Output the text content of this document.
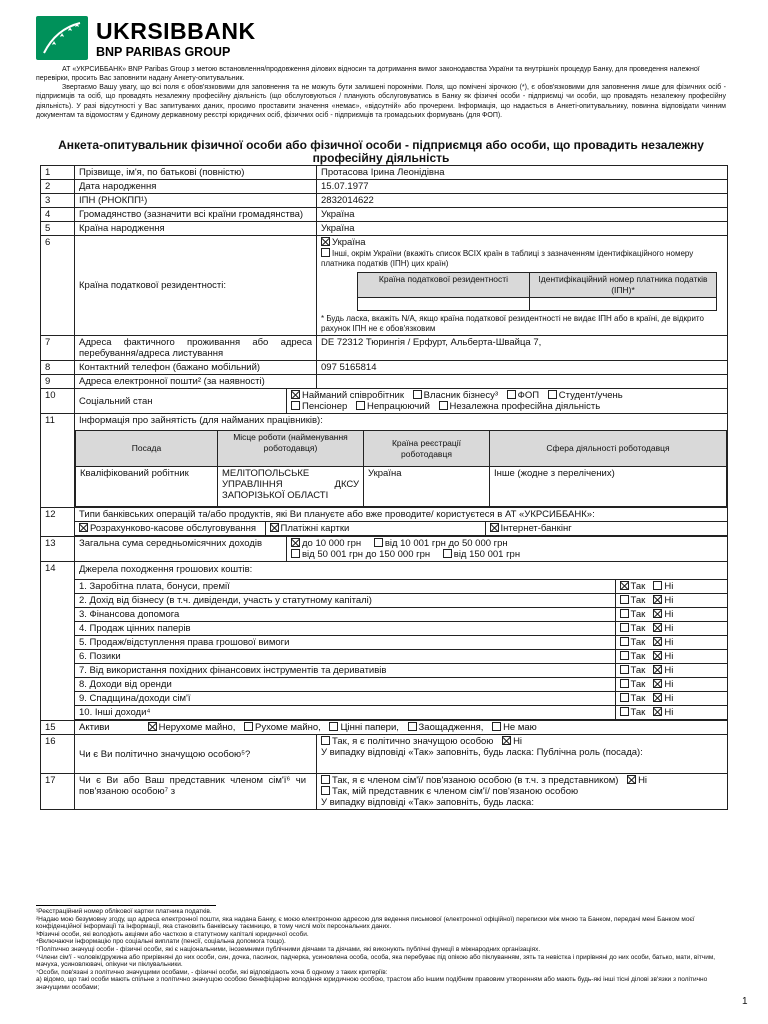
UKRSIBBANK
BNP PARIBAS GROUP
АТ «УКРСИББАНК» BNP Paribas Group з метою встановлення/продовження ділових відносин та дотримання вимог законодавства України та внутрішніх процедур Банку, для проведення належної перевірки, просить Вас заповнити надану Анкету-опитувальник.
Звертаємо Вашу увагу, що всі поля є обов'язковими для заповнення та не можуть бути залишені порожніми. Поля, що помічені зірочкою (*), є обов'язковими для заповнення лише для фізичних осіб - підприємців та осіб, що провадять незалежну професійну діяльність (що обслуговуються / планують обслуговуватись в Банку як фізичні особи - підприємці чи особи, що провадять незалежну професійну діяльність). У разі відсутності у Вас запитуваних даних, просимо проставити значення «немає», «відсутній» або прочеркни. Інформація, що надається в Анкеті-опитувальнику, повинна відповідати чинним документам та відомостям у Єдиному державному реєстрі юридичних осіб, фізичних осіб - підприємців та громадських формувань (для ФОП).
Анкета-опитувальник фізичної особи або фізичної особи - підприємця або особи, що провадить незалежну професійну діяльність
1	Прізвище, ім'я, по батькові (повністю)	Протасова Ірина Леонідівна
2	Дата народження	15.07.1977
3	ІПН (РНОКПП¹)	2832014622
4	Громадянство (зазначити всі країни громадянства)	Україна
5	Країна народження	Україна
6	Країна податкової резидентності:	
Україна
Інші, окрім України (вкажіть список ВСІХ країн в таблиці з зазначенням ідентифікаційного номеру платника податків (ІПН) цих країн)
Країна податкової резидентності	Ідентифікаційний номер платника податків (ІПН)*

* Будь ласка, вкажіть N/A, якщо країна податкової резидентності не видає ІПН або в країні, де відкрито рахунок ІПН не є обов'язковим

7	Адреса фактичного проживання або адреса перебування/адреса листування	DE 72312 Тюрингія / Ерфурт, Альберта-Швайца 7,
8	Контактний телефон (бажано мобільний)	097 5165814
9	Адреса електронної пошти² (за наявності)	
10	Соціальний стан	Найманий співробітник Власник бізнесу³ ФОП Студент/учень
Пенсіонер Непрацюючий Незалежна професійна діяльність

11	Інформація про зайнятість (для найманих працівників):
Посада	Місце роботи (найменування роботодавця)	Країна реєстрації роботодавця	Сфера діяльності роботодавця
Кваліфікований робітник	МЕЛІТОПОЛЬСЬКЕ УПРАВЛІННЯ ДКСУ ЗАПОРІЗЬКОЇ ОБЛАСТІ	Україна	Інше (жодне з перелічених)

12	Типи банківських операцій та/або продуктів, які Ви плануєте або вже проводите/ користуєтеся в АТ «УКРСИББАНК»:
Розрахунково-касове обслуговування	Платіжні картки	Інтернет-банкінг

13	Загальна сума середньомісячних доходів	до 10 000 грн від 10 001 грн до 50 000 грн
від 50 001 грн до 150 000 грн від 150 001 грн

14	Джерела походження грошових коштів:
1. Заробітна плата, бонуси, премії	Так Ні
2. Дохід від бізнесу (в т.ч. дивіденди, участь у статутному капіталі)	Так Ні
3. Фінансова допомога	Так Ні
4. Продаж цінних паперів	Так Ні
5. Продаж/відступлення права грошової вимоги	Так Ні
6. Позики	Так Ні
7. Від використання похідних фінансових інструментів та деривативів	Так Ні
8. Доходи від оренди	Так Ні
9. Спадщина/доходи сім'ї	Так Ні
10. Інші доходи⁴	Так Ні

15	Активи	Нерухоме майно, Рухоме майно, Цінні папери, Заощадження, Не маю
16	Чи є Ви політично значущою особою⁵?	
Так, я є політично значущою особою Ні
У випадку відповіді «Так» заповніть, будь ласка: Публічна роль (посада):

17	Чи є Ви або Ваш представник членом сім'ї⁶ чи пов'язаною особою⁷ з	
Так, я є членом сім'ї/ пов'язаною особою (в т.ч. з представником) Ні
Так, мій представник є членом сім'ї/ пов'язаною особою
У випадку відповіді «Так» заповніть, будь ласка:
¹Реєстраційний номер облікової картки платника податків.
²Надаю мою безумовну згоду, що адреса електронної пошти, яка надана Банку, є моєю електронною адресою для ведення письмової (електронної офіційної) переписки між мною та Банком, передачі мені Банком моєї конфіденційної інформації та інформації, яка становить банківську таємницю, в тому числі моїх персональних даних.
³Фізичні особи, які володіють акціями або часткою в статутному капіталі юридичної особи.
⁴Включаючи інформацію про соціальні виплати (пенсії, соціальна допомога тощо).
⁵Політично значущі особи - фізичні особи, які є національними, іноземними публічними діячами та діячами, які виконують публічні функції в міжнародних організаціях.
⁶Члени сім'ї - чоловік/дружина або прирівняні до них особи, син, дочка, пасинок, падчерка, усиновлена особа, особа, яка перебуває під опікою або піклуванням, зять та невістка і прирівняні до них особи, батько, мати, вітчим, мачуха, усиновлювачі, опікуни чи піклувальники.
⁷Особи, пов'язані з політично значущими особами, - фізичні особи, які відповідають хоча б одному з таких критеріїв:
а) відомо, що такі особи мають спільне з політично значущою особою бенефіціарне володіння юридичною особою, трастом або іншим подібним правовим утворенням або мають будь-які інші тісні ділові зв'язки з політично значущими особами;
1
